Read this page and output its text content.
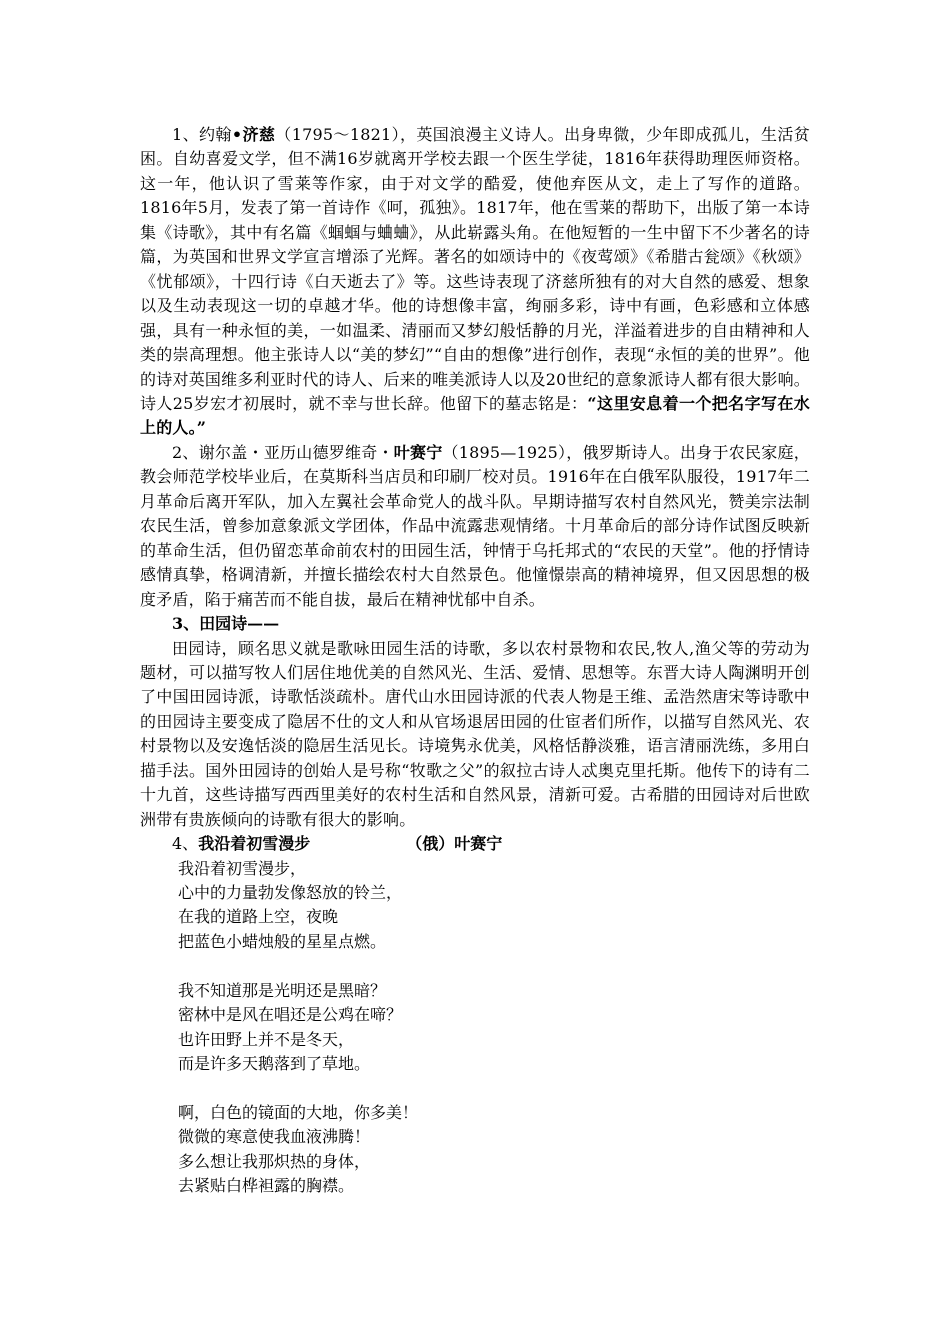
1、约翰•济慈（1795～1821），英国浪漫主义诗人。出身卑微，少年即成孤儿，生活贫困。自幼喜爱文学，但不满16岁就离开学校去跟一个医生学徒，1816年获得助理医师资格。这一年，他认识了雪莱等作家，由于对文学的酷爱，使他弃医从文，走上了写作的道路。1816年5月，发表了第一首诗作《呵，孤独》。1817年，他在雪莱的帮助下，出版了第一本诗集《诗歌》，其中有名篇《蝈蝈与蛐蛐》，从此崭露头角。在他短暂的一生中留下不少著名的诗篇，为英国和世界文学宣言增添了光辉。著名的如颂诗中的《夜莺颂》《希腊古瓮颂》《秋颂》《忧郁颂》，十四行诗《白天逝去了》等。这些诗表现了济慈所独有的对大自然的感爱、想象以及生动表现这一切的卓越才华。他的诗想像丰富，绚丽多彩，诗中有画，色彩感和立体感强，具有一种永恒的美，一如温柔、清丽而又梦幻般恬静的月光，洋溢着进步的自由精神和人类的崇高理想。他主张诗人以“美的梦幻”“自由的想像”进行创作，表现“永恒的美的世界”。他的诗对英国维多利亚时代的诗人、后来的唯美派诗人以及20世纪的意象派诗人都有很大影响。诗人25岁宏才初展时，就不幸与世长辞。他留下的墓志铭是：“这里安息着一个把名字写在水上的人。”

2、谢尔盖・亚历山德罗维奇・叶赛宁（1895—1925），俄罗斯诗人。出身于农民家庭，教会师范学校毕业后，在莫斯科当店员和印刷厂校对员。1916年在白俄军队服役，1917年二月革命后离开军队，加入左翼社会革命党人的战斗队。早期诗描写农村自然风光，赞美宗法制农民生活，曾参加意象派文学团体，作品中流露悲观情绪。十月革命后的部分诗作试图反映新的革命生活，但仍留恋革命前农村的田园生活，钟情于乌托邦式的“农民的天堂”。他的抒情诗感情真挚，格调清新，并擅长描绘农村大自然景色。他憧憬崇高的精神境界，但又因思想的极度矛盾，陷于痛苦而不能自拔，最后在精神忧郁中自杀。

3、田园诗——

田园诗，顾名思义就是歌咏田园生活的诗歌，多以农村景物和农民,牧人,渔父等的劳动为题材，可以描写牧人们居住地优美的自然风光、生活、爱情、思想等。东晋大诗人陶渊明开创了中国田园诗派，诗歌恬淡疏朴。唐代山水田园诗派的代表人物是王维、孟浩然唐宋等诗歌中的田园诗主要变成了隐居不仕的文人和从官场退居田园的仕宦者们所作，以描写自然风光、农村景物以及安逸恬淡的隐居生活见长。诗境隽永优美，风格恬静淡雅，语言清丽洗练，多用白描手法。国外田园诗的创始人是号称“牧歌之父”的叙拉古诗人忒奥克里托斯。他传下的诗有二十九首，这些诗描写西西里美好的农村生活和自然风景，清新可爱。古希腊的田园诗对后世欧洲带有贵族倾向的诗歌有很大的影响。

4、我沿着初雪漫步	（俄）叶赛宁

我沿着初雪漫步，
心中的力量勃发像怒放的铃兰，
在我的道路上空，夜晚
把蓝色小蜡烛般的星星点燃。
我不知道那是光明还是黑暗？
密林中是风在唱还是公鸡在啼？
也许田野上并不是冬天，
而是许多天鹅落到了草地。
啊，白色的镜面的大地，你多美！
微微的寒意使我血液沸腾！
多么想让我那炽热的身体，
去紧贴白桦袒露的胸襟。
